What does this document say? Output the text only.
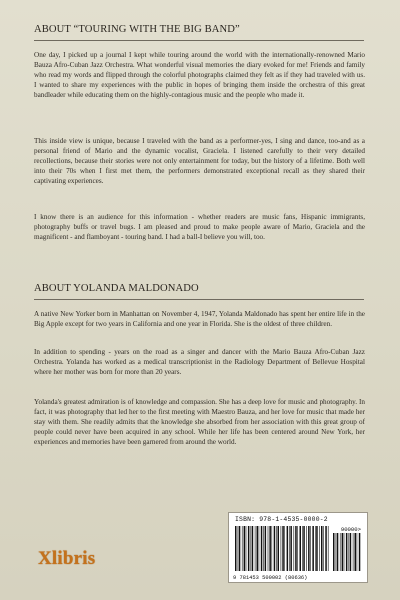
ABOUT “TOURING WITH THE BIG BAND”

One day, I picked up a journal I kept while touring around the world with the internationally-renowned Mario Bauza Afro-Cuban Jazz Orchestra. What wonderful visual memories the diary evoked for me! Friends and family who read my words and flipped through the colorful photographs claimed they felt as if they had traveled with us. I wanted to share my experiences with the public in hopes of bringing them inside the orchestra of this great bandleader while educating them on the highly-contagious music and the people who made it.

This inside view is unique, because I traveled with the band as a performer-yes, I sing and dance, too-and as a personal friend of Mario and the dynamic vocalist, Graciela. I listened carefully to their very detailed recollections, because their stories were not only entertainment for today, but the history of a lifetime. Both well into their 70s when I first met them, the performers demonstrated exceptional recall as they shared their captivating experiences.

I know there is an audience for this information - whether readers are music fans, Hispanic immigrants, photography buffs or travel bugs. I am pleased and proud to make people aware of Mario, Graciela and the magnificent - and flamboyant - touring band. I had a ball-I believe you will, too.

ABOUT YOLANDA MALDONADO

A native New Yorker born in Manhattan on November 4, 1947, Yolanda Maldonado has spent her entire life in the Big Apple except for two years in California and one year in Florida. She is the oldest of three children.

In addition to spending - years on the road as a singer and dancer with the Mario Bauza Afro-Cuban Jazz Orchestra. Yolanda has worked as a medical transcriptionist in the Radiology Department of Bellevue Hospital where her mother was born for more than 20 years.

Yolanda's greatest admiration is of knowledge and compassion. She has a deep love for music and photography. In fact, it was photography that led her to the first meeting with Maestro Bauza, and her love for music that made her stay with them. She readily admits that the knowledge she absorbed from her association with this great group of people could never have been acquired in any school. While her life has been centered around New York, her experiences and memories have been garnered from around the world.

ISBN: 978-1-4535-0000-2
90000>
9 781453 500002 (80636)
Xlibris
